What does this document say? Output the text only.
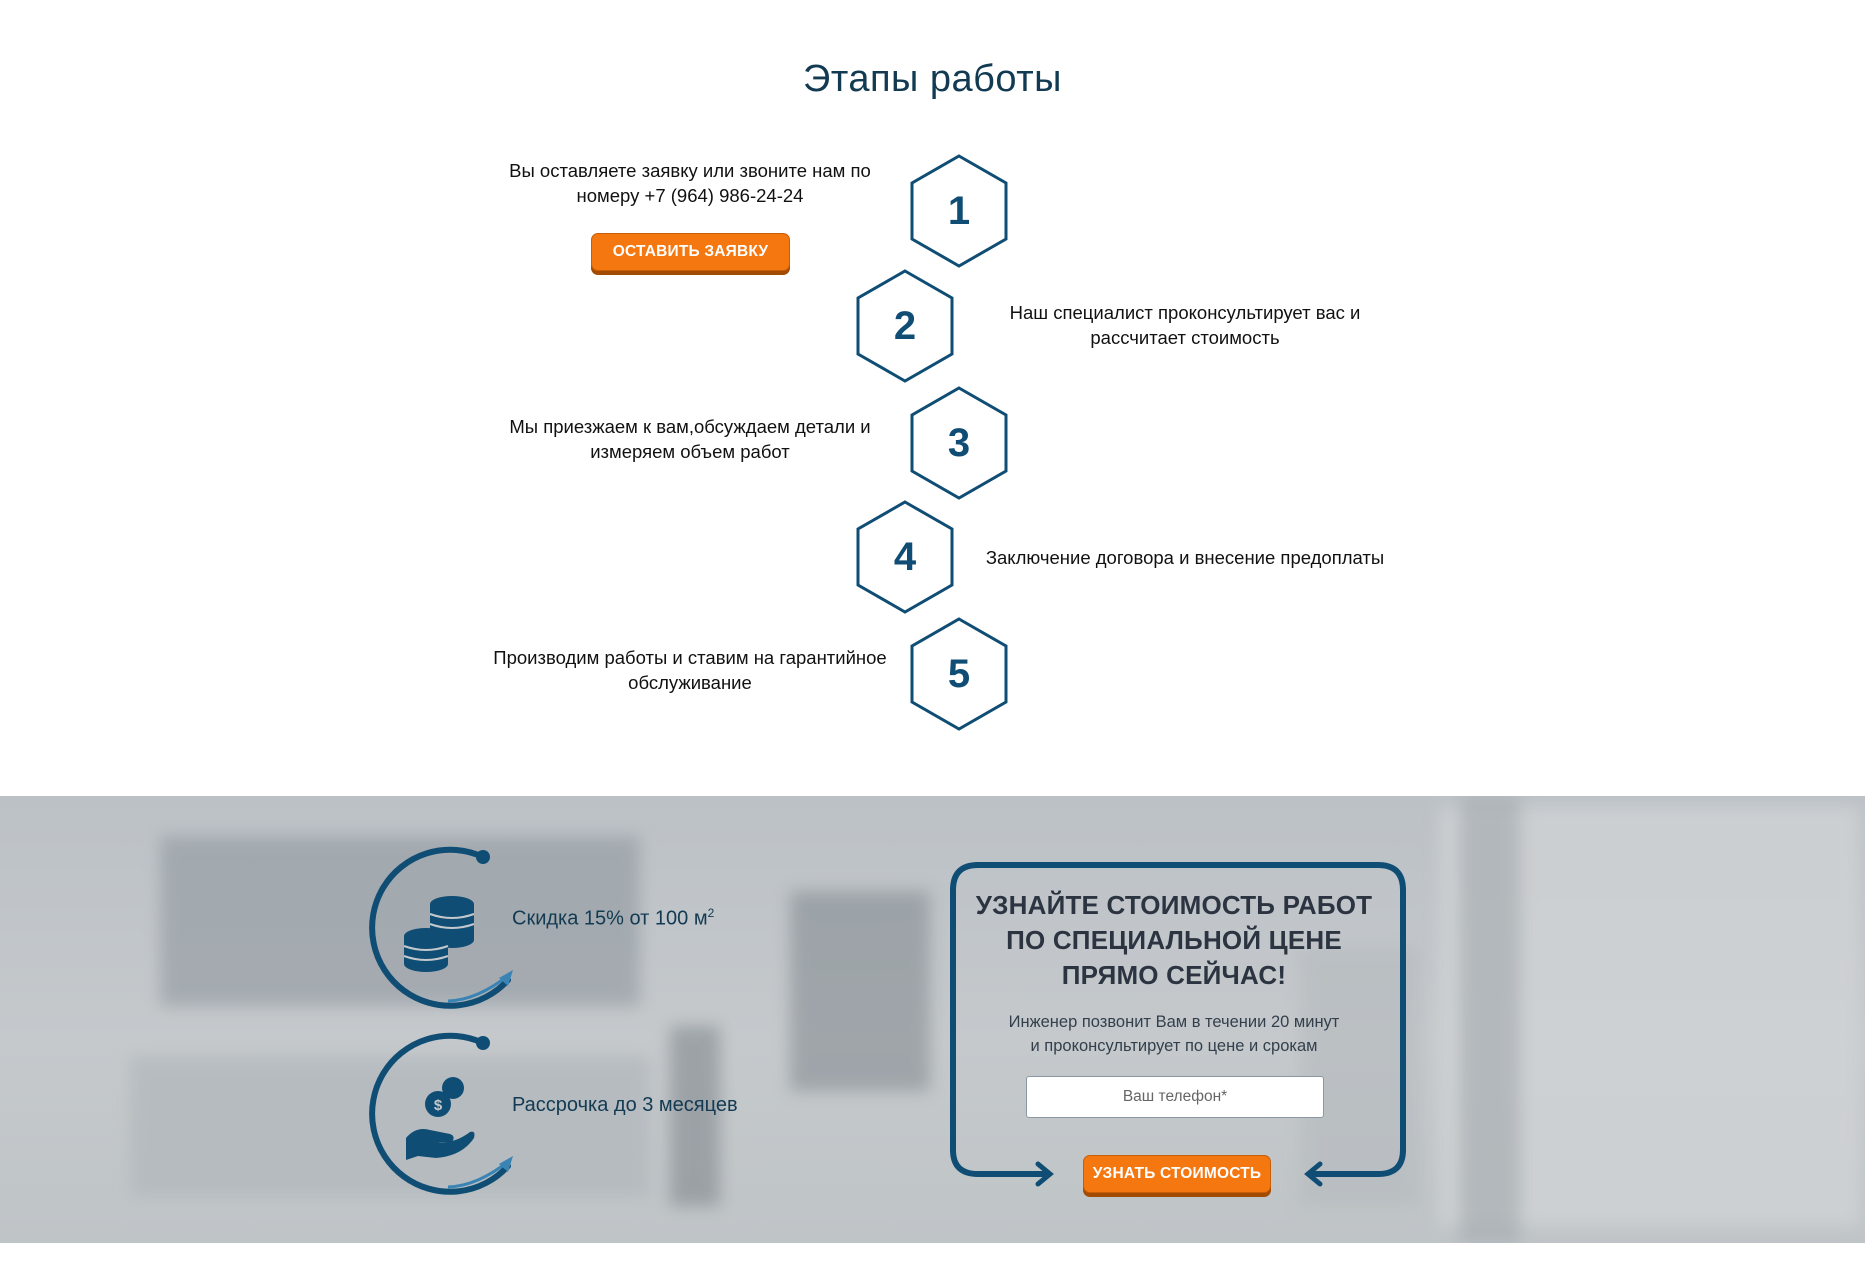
Этапы работы
Вы оставляете заявку или звоните нам по
номеру +7 (964) 986-24-24
ОСТАВИТЬ ЗАЯВКУ
1
2	Наш специалист проконсультирует вас и
рассчитает стоимость
Мы приезжаем к вам,обсуждаем детали и
измеряем объем работ	3
4	Заключение договора и внесение предоплаты
Производим работы и ставим на гарантийное
обслуживание	5
Скидка 15% от 100 $м^2$
$	Рассрочка до 3 месяцев
УЗНАЙТЕ СТОИМОСТЬ РАБОТ
ПО СПЕЦИАЛЬНОЙ ЦЕНЕ
ПРЯМО СЕЙЧАС!
Инженер позвонит Вам в течении 20 минут
и проконсультирует по цене и срокам
Ваш телефон*
УЗНАТЬ СТОИМОСТЬ
